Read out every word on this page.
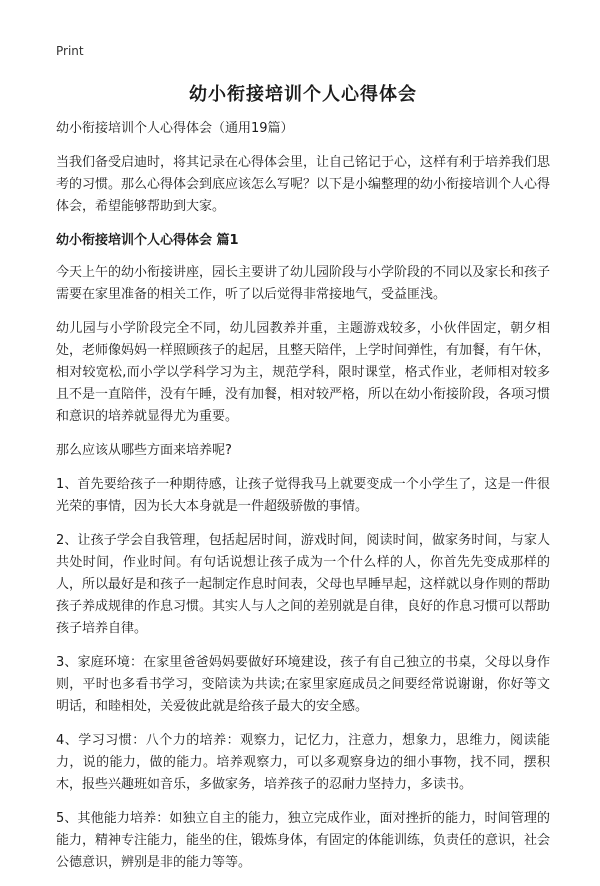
Print
幼小衔接培训个人心得体会

幼小衔接培训个人心得体会（通用19篇）

当我们备受启迪时，将其记录在心得体会里，让自己铭记于心，这样有利于培养我们思考的习惯。那么心得体会到底应该怎么写呢？以下是小编整理的幼小衔接培训个人心得体会，希望能够帮助到大家。

幼小衔接培训个人心得体会 篇1

今天上午的幼小衔接讲座，园长主要讲了幼儿园阶段与小学阶段的不同以及家长和孩子需要在家里准备的相关工作，听了以后觉得非常接地气，受益匪浅。

幼儿园与小学阶段完全不同，幼儿园教养并重，主题游戏较多，小伙伴固定，朝夕相处，老师像妈妈一样照顾孩子的起居，且整天陪伴，上学时间弹性，有加餐，有午休，相对较宽松,而小学以学科学习为主，规范学科，限时课堂，格式作业，老师相对较多且不是一直陪伴，没有午睡，没有加餐，相对较严格，所以在幼小衔接阶段，各项习惯和意识的培养就显得尤为重要。

那么应该从哪些方面来培养呢?

1、首先要给孩子一种期待感，让孩子觉得我马上就要变成一个小学生了，这是一件很光荣的事情，因为长大本身就是一件超级骄傲的事情。

2、让孩子学会自我管理，包括起居时间，游戏时间，阅读时间，做家务时间，与家人共处时间，作业时间。有句话说想让孩子成为一个什么样的人，你首先先变成那样的人，所以最好是和孩子一起制定作息时间表，父母也早睡早起，这样就以身作则的帮助孩子养成规律的作息习惯。其实人与人之间的差别就是自律，良好的作息习惯可以帮助孩子培养自律。

3、家庭环境：在家里爸爸妈妈要做好环境建设，孩子有自己独立的书桌，父母以身作则，平时也多看书学习，变陪读为共读;在家里家庭成员之间要经常说谢谢，你好等文明话，和睦相处，关爱彼此就是给孩子最大的安全感。

4、学习习惯：八个力的培养：观察力，记忆力，注意力，想象力，思维力，阅读能力，说的能力，做的能力。培养观察力，可以多观察身边的细小事物，找不同，摆积木，报些兴趣班如音乐，多做家务，培养孩子的忍耐力坚持力，多读书。

5、其他能力培养：如独立自主的能力，独立完成作业，面对挫折的能力，时间管理的能力，精神专注能力，能坐的住，锻炼身体，有固定的体能训练，负责任的意识，社会公德意识，辨别是非的能力等等。
